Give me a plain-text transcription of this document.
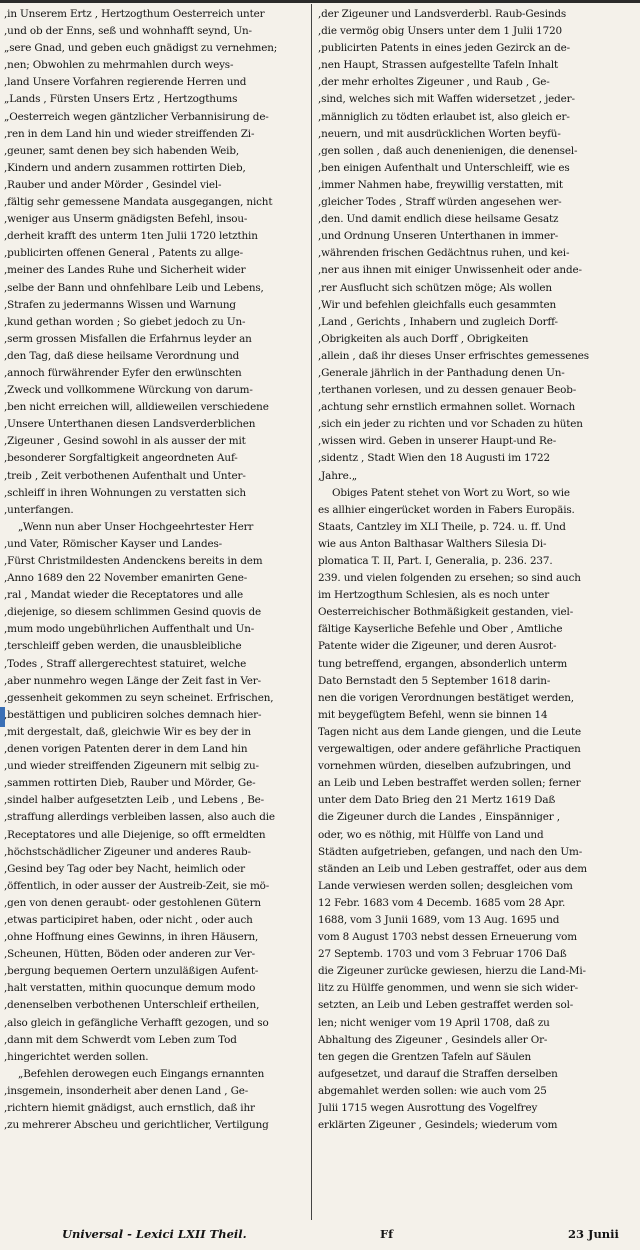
,in Unserem Ertz , Hertzogthum Oesterreich unter
,und ob der Enns, seß und wohnhafft seynd, Un-
„sere Gnad, und geben euch gnädigst zu vernehmen;
,nen; Obwohlen zu mehrmahlen durch weys-
,land Unsere Vorfahren regierende Herren und
„Lands , Fürsten Unsers Ertz , Hertzogthums
„Oesterreich wegen gäntzlicher Verbannisirung de-
,ren in dem Land hin und wieder streiffenden Zi-
,geuner, samt denen bey sich habenden Weib,
,Kindern und andern zusammen rottirten Dieb,
,Rauber und ander Mörder , Gesindel viel-
,fältig sehr gemessene Mandata ausgegangen, nicht
,weniger aus Unserm gnädigsten Befehl, insou-
,derheit krafft des unterm 1ten Julii 1720 letzthin
,publicirten offenen General , Patents zu allge-
,meiner des Landes Ruhe und Sicherheit wider
,selbe der Bann und ohnfehlbare Leib und Lebens,
,Strafen zu jedermanns Wissen und Warnung
,kund gethan worden ; So giebet jedoch zu Un-
,serm grossen Misfallen die Erfahrnus leyder an
,den Tag, daß diese heilsame Verordnung und
,annoch fürwährender Eyfer den erwünschten
,Zweck und vollkommene Würckung von darum-
,ben nicht erreichen will, alldieweilen verschiedene
,Unsere Unterthanen diesen Landsverderblichen
,Zigeuner , Gesind sowohl in als ausser der mit
,besonderer Sorgfaltigkeit angeordneten Auf-
,treib , Zeit verbothenen Aufenthalt und Unter-
,schleiff in ihren Wohnungen zu verstatten sich
,unterfangen.
„Wenn nun aber Unser Hochgeehrtester Herr
,und Vater, Römischer Kayser und Landes-
,Fürst Christmildesten Andenckens bereits in dem
,Anno 1689 den 22 November emanirten Gene-
,ral , Mandat wieder die Receptatores und alle
,diejenige, so diesem schlimmen Gesind quovis de
,mum modo ungebührlichen Auffenthalt und Un-
,terschleiff geben werden, die unausbleibliche
,Todes , Straff allergerechtest statuiret, welche
,aber nunmehro wegen Länge der Zeit fast in Ver-
,gessenheit gekommen zu seyn scheinet. Erfrischen,
,bestättigen und publiciren solches demnach hier-
,mit dergestalt, daß, gleichwie Wir es bey der in
,denen vorigen Patenten derer in dem Land hin
,und wieder streiffenden Zigeunern mit selbig zu-
,sammen rottirten Dieb, Rauber und Mörder, Ge-
,sindel halber aufgesetzten Leib , und Lebens , Be-
,straffung allerdings verbleiben lassen, also auch die
,Receptatores und alle Diejenige, so offt ermeldten
,höchstschädlicher Zigeuner und anderes Raub-
,Gesind bey Tag oder bey Nacht, heimlich oder
,öffentlich, in oder ausser der Austreib-Zeit, sie mö-
,gen von denen geraubt- oder gestohlenen Gütern
,etwas participiret haben, oder nicht , oder auch
,ohne Hoffnung eines Gewinns, in ihren Häusern,
,Scheunen, Hütten, Böden oder anderen zur Ver-
,bergung bequemen Oertern unzuläßigen Aufent-
,halt verstatten, mithin quocunque demum modo
,denenselben verbothenen Unterschleif ertheilen,
,also gleich in gefängliche Verhafft gezogen, und so
,dann mit dem Schwerdt vom Leben zum Tod
,hingerichtet werden sollen.
„Befehlen derowegen euch Eingangs ernannten
,insgemein, insonderheit aber denen Land , Ge-
,richtern hiemit gnädigst, auch ernstlich, daß ihr
,zu mehrerer Abscheu und gerichtlicher, Vertilgung
,der Zigeuner und Landsverderbl. Raub-Gesinds
,die vermög obig Unsers unter dem 1 Julii 1720
,publicirten Patents in eines jeden Gezirck an de-
,nen Haupt, Strassen aufgestellte Tafeln Inhalt
,der mehr erholtes Zigeuner , und Raub , Ge-
,sind, welches sich mit Waffen widersetzet , jeder-
,männiglich zu tödten erlaubet ist, also gleich er-
,neuern, und mit ausdrücklichen Worten beyfü-
,gen sollen , daß auch denenienigen, die denensel-
,ben einigen Aufenthalt und Unterschleiff, wie es
,immer Nahmen habe, freywillig verstatten, mit
,gleicher Todes , Straff würden angesehen wer-
,den. Und damit endlich diese heilsame Gesatz
,und Ordnung Unseren Unterthanen in immer-
,währenden frischen Gedächtnus ruhen, und kei-
,ner aus ihnen mit einiger Unwissenheit oder ande-
,rer Ausflucht sich schützen möge; Als wollen
,Wir und befehlen gleichfalls euch gesammten
,Land , Gerichts , Inhabern und zugleich Dorff-
,Obrigkeiten als auch Dorff , Obrigkeiten
,allein , daß ihr dieses Unser erfrischtes gemessenes
,Generale jährlich in der Panthadung denen Un-
,terthanen vorlesen, und zu dessen genauer Beob-
,achtung sehr ernstlich ermahnen sollet. Wornach
,sich ein jeder zu richten und vor Schaden zu hüten
,wissen wird. Geben in unserer Haupt-und Re-
,sidentz , Stadt Wien den 18 Augusti im 1722
,Jahre.„
Obiges Patent stehet von Wort zu Wort, so wie
es allhier eingerücket worden in Fabers Europäis.
Staats, Cantzley im XLI Theile, p. 724. u. ff. Und
wie aus Anton Balthasar Walthers Silesia Di-
plomatica T. II, Part. I, Generalia, p. 236. 237.
239. und vielen folgenden zu ersehen; so sind auch
im Hertzogthum Schlesien, als es noch unter
Oesterreichischer Bothmäßigkeit gestanden, viel-
fältige Kayserliche Befehle und Ober , Amtliche
Patente wider die Zigeuner, und deren Ausrot-
tung betreffend, ergangen, absonderlich unterm
Dato Bernstadt den 5 September 1618 darin-
nen die vorigen Verordnungen bestätiget werden,
mit beygefügtem Befehl, wenn sie binnen 14
Tagen nicht aus dem Lande giengen, und die Leute
vergewaltigen, oder andere gefährliche Practiquen
vornehmen würden, dieselben aufzubringen, und
an Leib und Leben bestraffet werden sollen; ferner
unter dem Dato Brieg den 21 Mertz 1619 Daß
die Zigeuner durch die Landes , Einspänniger ,
oder, wo es nöthig, mit Hülffe von Land und
Städten aufgetrieben, gefangen, und nach den Um-
ständen an Leib und Leben gestraffet, oder aus dem
Lande verwiesen werden sollen; desgleichen vom
12 Febr. 1683 vom 4 Decemb. 1685 vom 28 Apr.
1688, vom 3 Junii 1689, vom 13 Aug. 1695 und
vom 8 August 1703 nebst dessen Erneuerung vom
27 Septemb. 1703 und vom 3 Februar 1706 Daß
die Zigeuner zurücke gewiesen, hierzu die Land-Mi-
litz zu Hülffe genommen, und wenn sie sich wider-
setzten, an Leib und Leben gestraffet werden sol-
len; nicht weniger vom 19 April 1708, daß zu
Abhaltung des Zigeuner , Gesindels aller Or-
ten gegen die Grentzen Tafeln auf Säulen
aufgesetzet, und darauf die Straffen derselben
abgemahlet werden sollen: wie auch vom 25
Julii 1715 wegen Ausrottung des Vogelfrey
erklärten Zigeuner , Gesindels; wiederum vom
Universal - Lexici LXII Theil.	Ff	23 Junii
